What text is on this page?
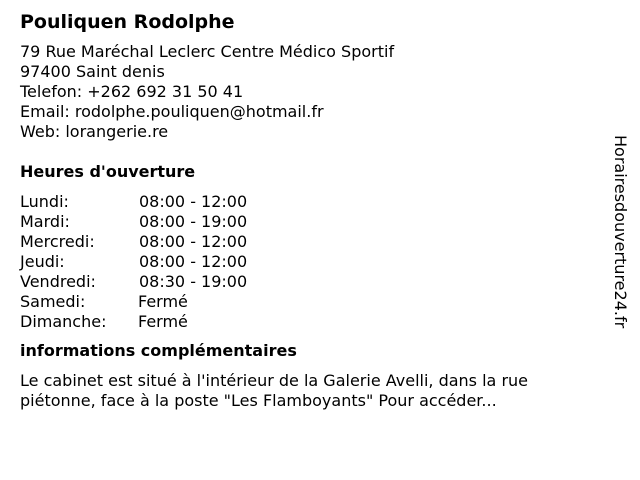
Pouliquen Rodolphe
79 Rue Maréchal Leclerc Centre Médico Sportif
97400 Saint denis
Telefon: +262 692 31 50 41
Email: rodolphe.pouliquen@hotmail.fr
Web: lorangerie.re
Heures d'ouverture
Lundi:	08:00 - 12:00
Mardi:	08:00 - 19:00
Mercredi:	08:00 - 12:00
Jeudi:	08:00 - 12:00
Vendredi:	08:30 - 19:00
Samedi:	Fermé
Dimanche:	Fermé
informations complémentaires
Le cabinet est situé à l'intérieur de la Galerie Avelli, dans la rue piétonne, face à la poste "Les Flamboyants" Pour accéder...
Horairesdouverture24.fr
